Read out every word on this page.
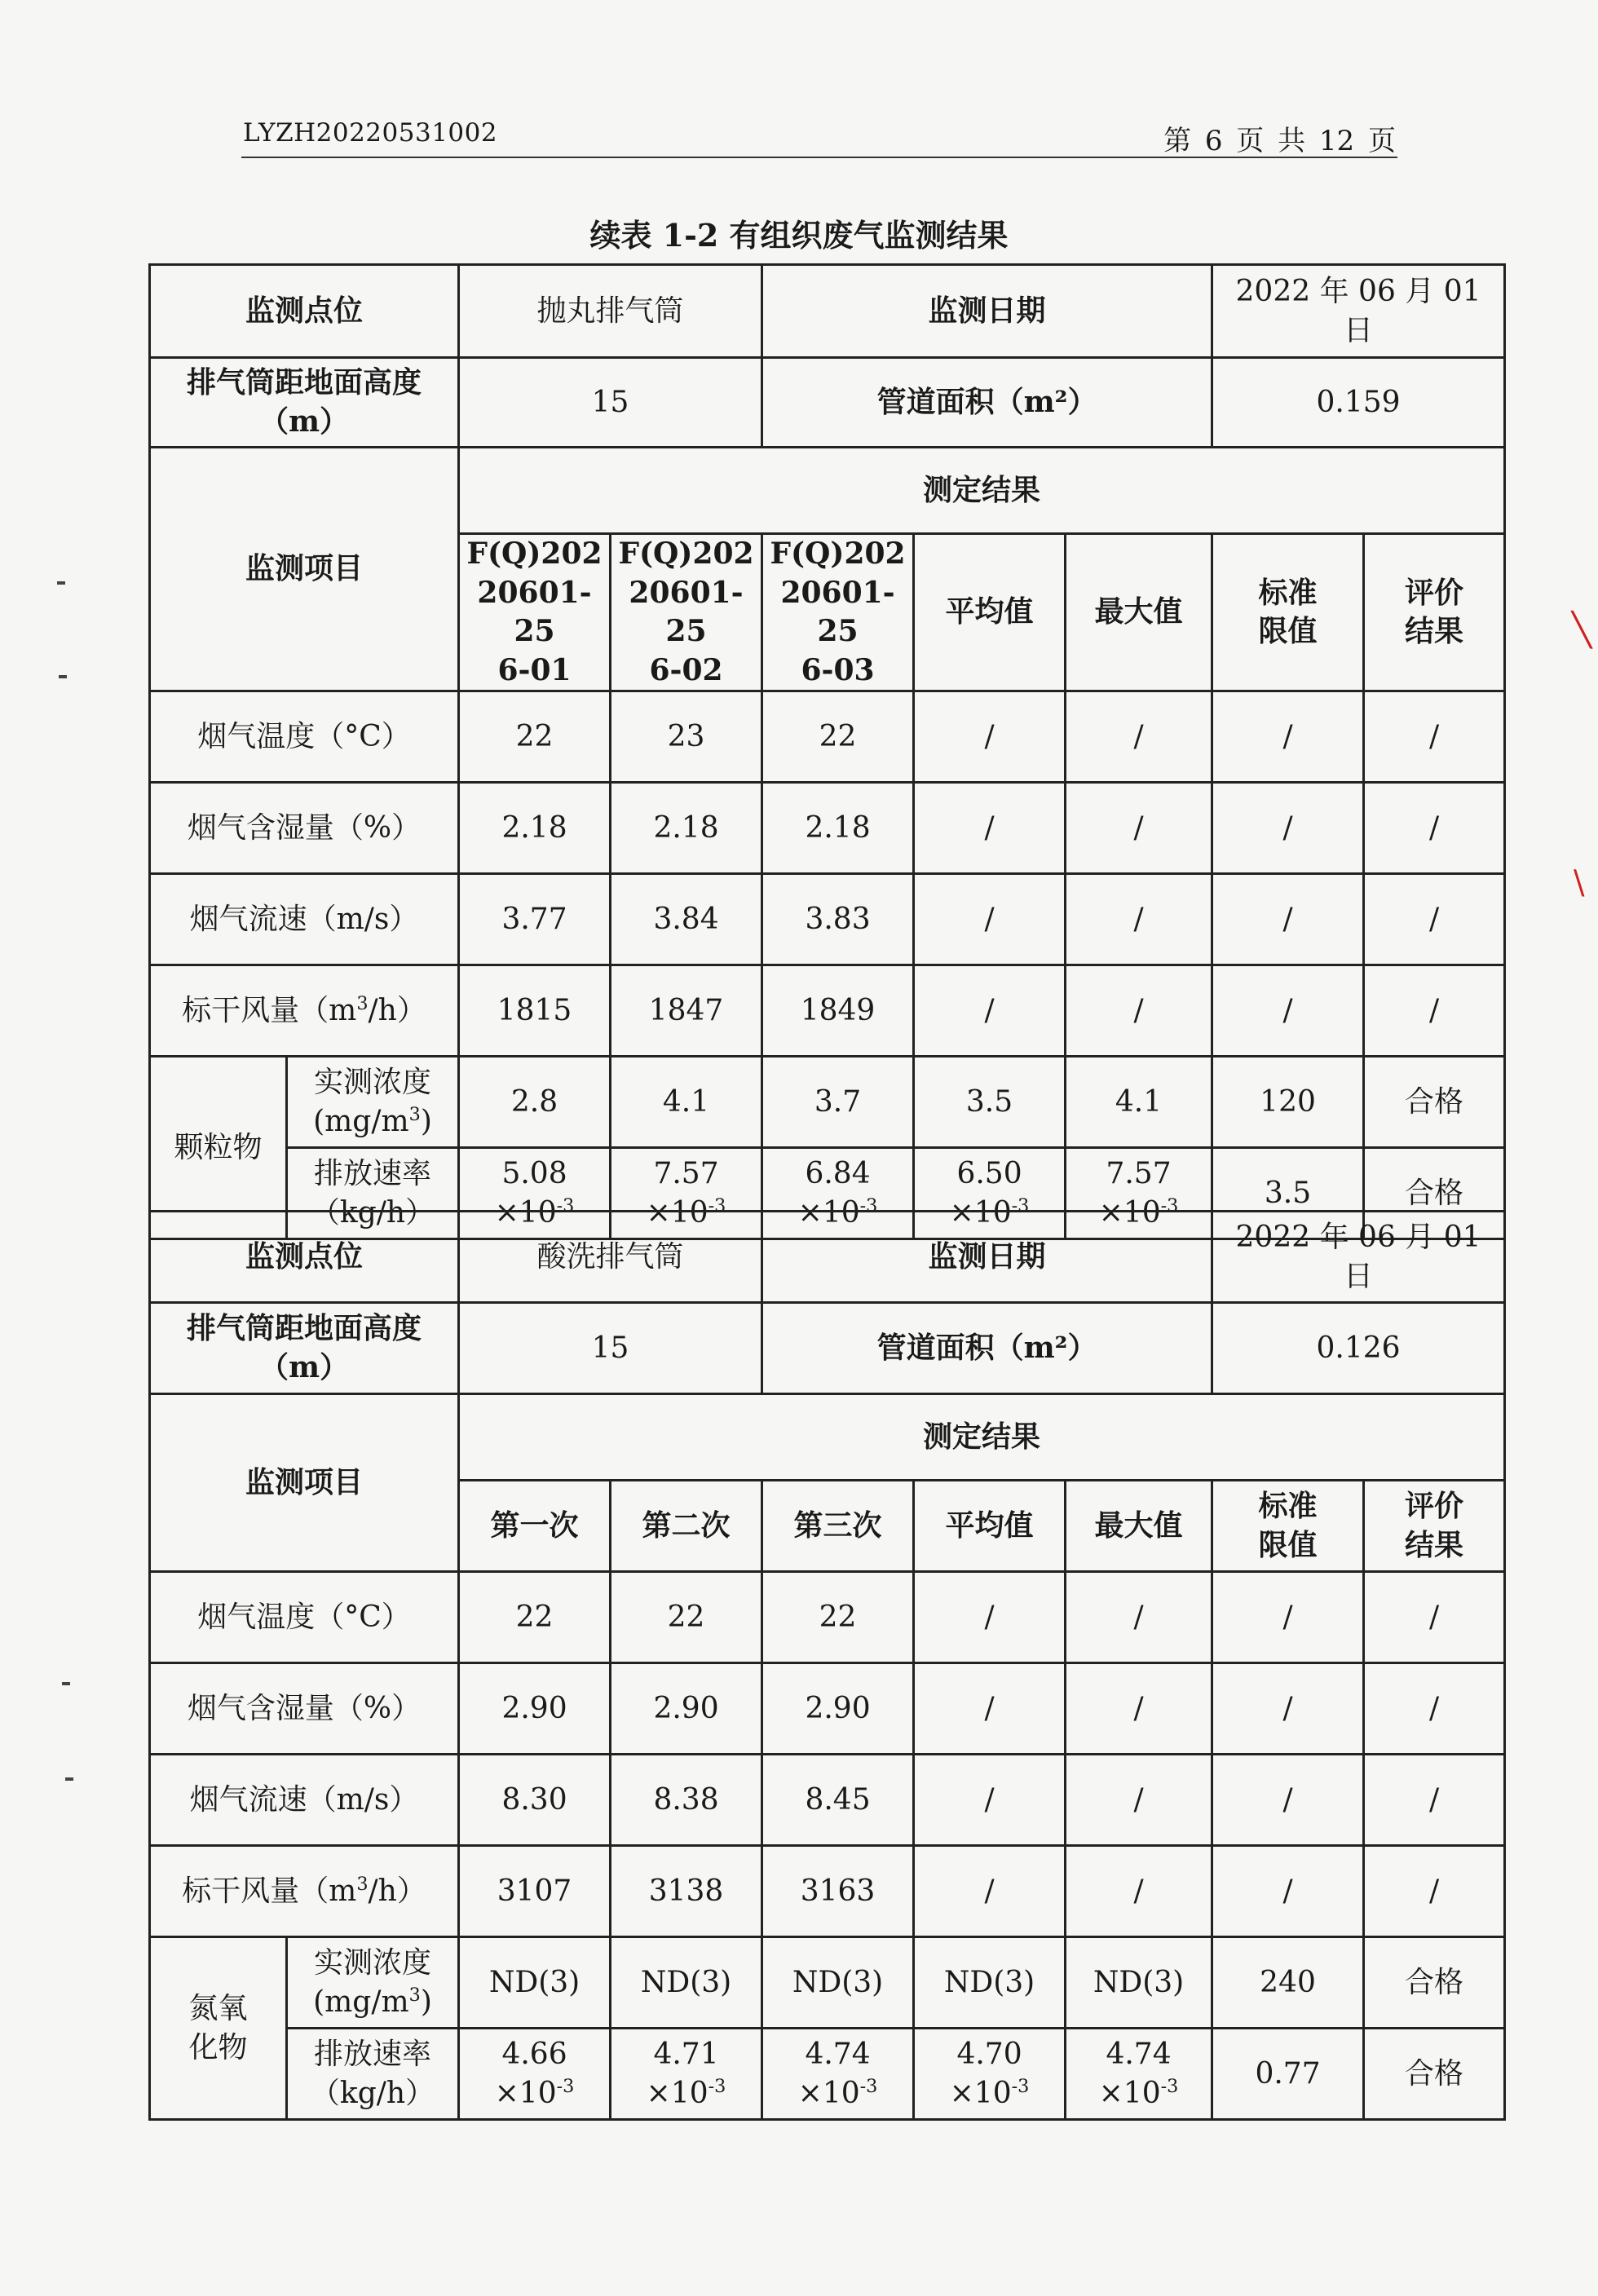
LYZH20220531002	第 6 页 共 12 页
续表 1-2 有组织废气监测结果
监测点位		抛丸排气筒		监测日期			2022 年 06 月 01 日	
排气筒距地面高度
（m）		15		管道面积（m²）			0.159	
监测项目		测定结果						
		F(Q)202
20601-25
6-01	F(Q)202
20601-25
6-02	F(Q)202
20601-25
6-03	平均值	最大值	标准
限值	评价
结果
烟气温度（°C）		22	23	22	/	/	/	/
烟气含湿量（%）		2.18	2.18	2.18	/	/	/	/
烟气流速（m/s）		3.77	3.84	3.83	/	/	/	/
标干风量$(m^3/h)$		1815	1847	1849	/	/	/	/
颗粒物	实测浓度
$(mg/m^3)$	2.8	4.1	3.7	3.5	4.1	120	合格
	排放速率
（kg/h）	5.08
$\times 10^{-3}$	7.57
$\times 10^{-3}$	6.84
$\times 10^{-3}$	6.50
$\times 10^{-3}$	7.57
$\times 10^{-3}$	3.5	合格
监测点位		酸洗排气筒		监测日期			2022 年 06 月 01 日	
排气筒距地面高度
（m）		15		管道面积（m²）			0.126	
监测项目		测定结果						
		第一次	第二次	第三次	平均值	最大值	标准
限值	评价
结果
烟气温度（°C）		22	22	22	/	/	/	/
烟气含湿量（%）		2.90	2.90	2.90	/	/	/	/
烟气流速（m/s）		8.30	8.38	8.45	/	/	/	/
标干风量$(m^3/h)$		3107	3138	3163	/	/	/	/
氮氧
化物	实测浓度
$(mg/m^3)$	ND(3)	ND(3)	ND(3)	ND(3)	ND(3)	240	合格
	排放速率
（kg/h）	4.66
$\times 10^{-3}$	4.71
$\times 10^{-3}$	4.74
$\times 10^{-3}$	4.70
$\times 10^{-3}$	4.74
$\times 10^{-3}$	0.77	合格
╲
\
